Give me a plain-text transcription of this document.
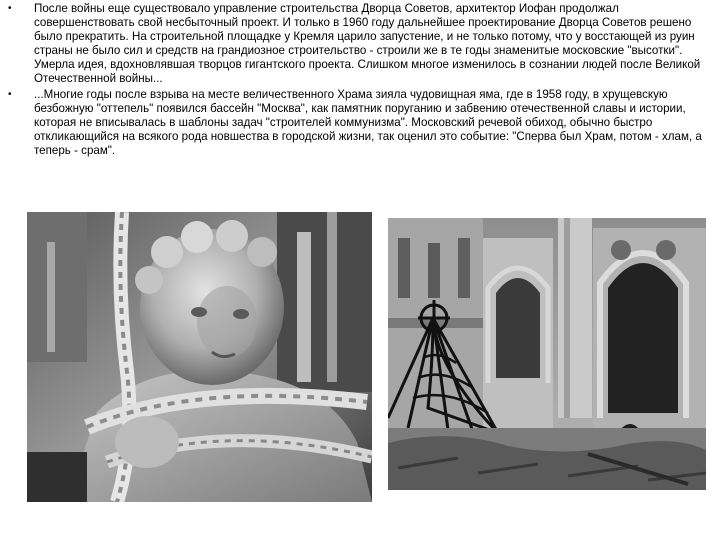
• После войны еще существовало управление строительства Дворца Советов, архитектор Иофан продолжал совершенствовать свой несбыточный проект. И только в 1960 году дальнейшее проектирование Дворца Советов решено было прекратить. На строительной площадке у Кремля царило запустение, и не только потому, что у восстающей из руин страны не было сил и средств на грандиозное строительство - строили же в те годы знаменитые московские "высотки". Умерла идея, вдохновлявшая творцов гигантского проекта. Слишком многое изменилось в сознании людей после Великой Отечественной войны...
• ...Многие годы после взрыва на месте величественного Храма зияла чудовищная яма, где в 1958 году, в хрущевскую безбожную "оттепель" появился бассейн "Москва", как памятник поруганию и забвению отечественной славы и истории, которая не вписывалась в шаблоны задач "строителей коммунизма". Московский речевой обиход, обычно быстро откликающийся на всякого рода новшества в городской жизни, так оценил это событие: "Сперва был Храм, потом - хлам, а теперь - срам".
